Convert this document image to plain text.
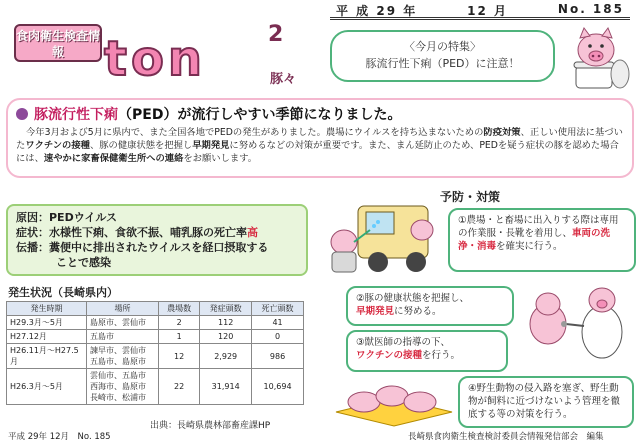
平 成 29 年	12 月	No. 185
食肉衛生検査情報 ton	2
豚々
〈今月の特集〉
豚流行性下痢（PED）に注意！
豚流行性下痢（PED）が流行しやすい季節になりました。

今年3月および5月に県内で、また全国各地でPEDの発生がありました。農場にウイルスを持ち込まないための防疫対策、正しい使用法に基づいたワクチンの接種、豚の健康状態を把握し早期発見に努めるなどの対策が重要です。また、まん延防止のため、PEDを疑う症状の豚を認めた場合には、速やかに家畜保健衛生所への連絡をお願いします。

原因：PEDウイルス
症状：水様性下痢、食欲不振、哺乳豚の死亡率高
伝播：糞便中に排出されたウイルスを経口摂取する
ことで感染
発生状況（長崎県内）
発生時期	場所	農場数	発症頭数	死亡頭数
H29.3月～5月	島原市、雲仙市	2	112	41
H27.12月	五島市	1	120	0
H26.11月～H27.5月	諫早市、雲仙市
五島市、島原市	12	2,929	986
H26.3月～5月	雲仙市、五島市
西海市、島原市
長崎市、松浦市	22	31,914	10,694
出典：長崎県農林部畜産課HP
予防・対策
①農場・と畜場に出入りする際は専用の作業服・長靴を着用し、車両の洗浄・消毒を確実に行う。
②豚の健康状態を把握し、
早期発見に努める。
③獣医師の指導の下、
ワクチンの接種を行う。
④野生動物の侵入路を塞ぎ、野生動物が飼料に近づけないよう管理を徹底する等の対策を行う。
平成 29年 12月　No. 185	長崎県食肉衛生検査検討委員会情報発信部会　編集
